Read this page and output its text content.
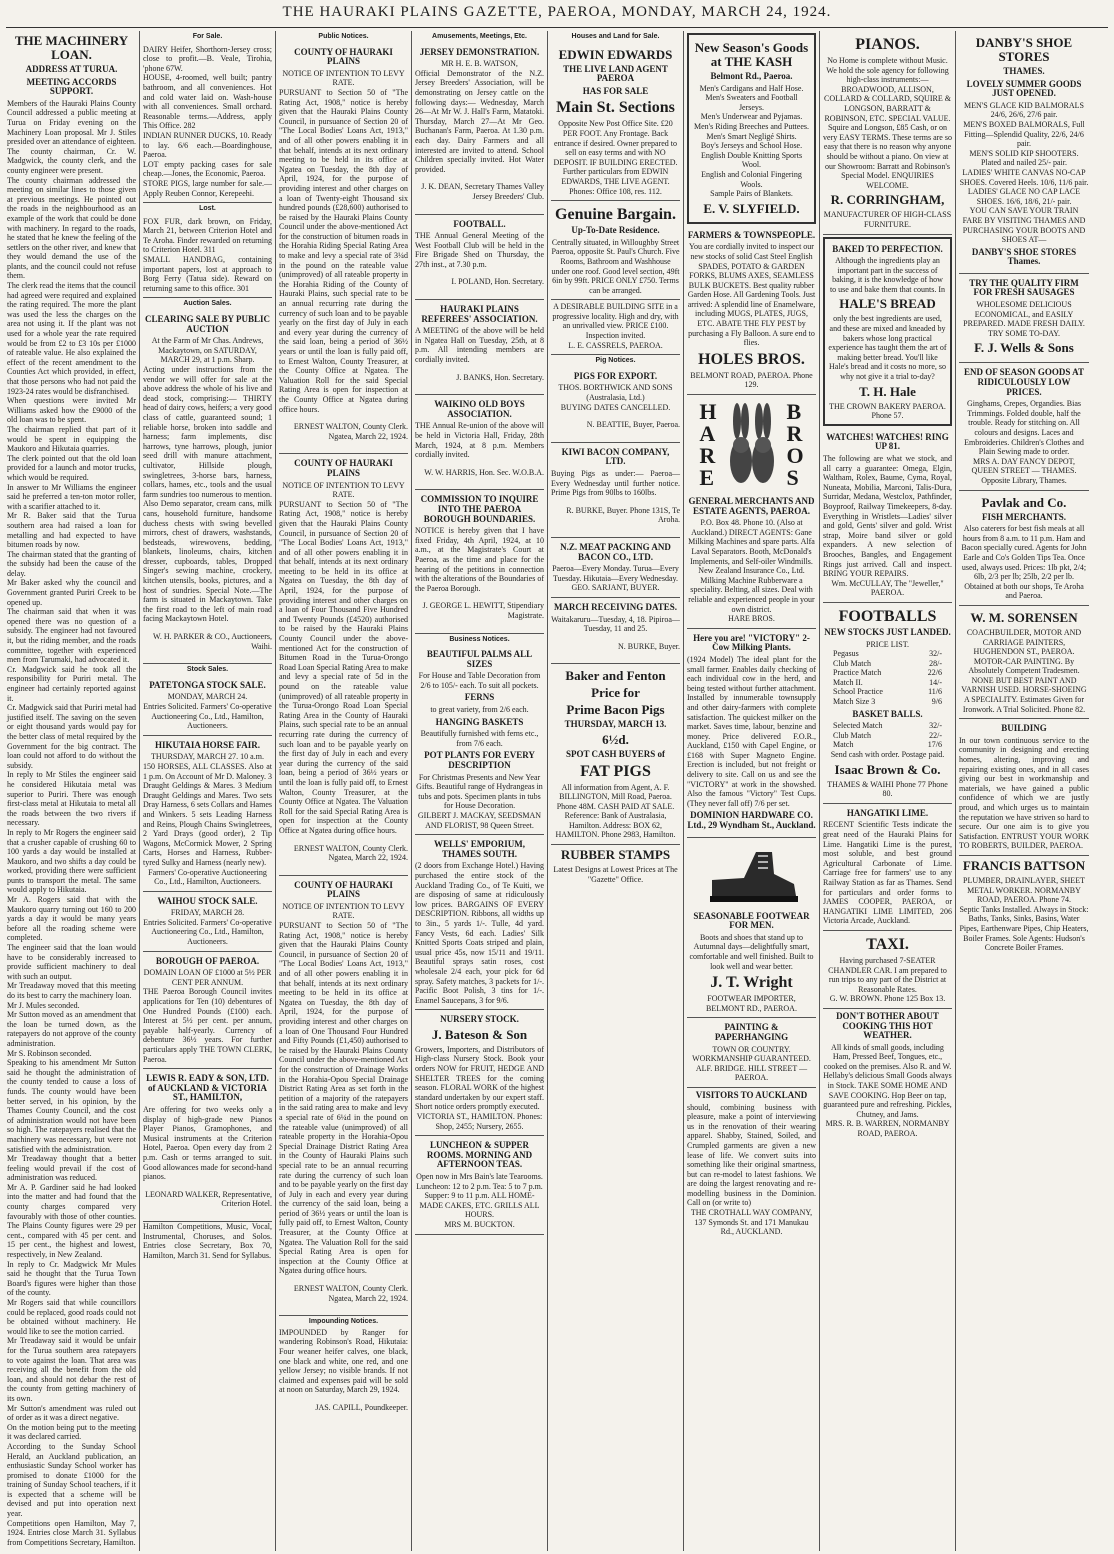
THE HAURAKI PLAINS GAZETTE, PAEROA, MONDAY, MARCH 24, 1924.
THE MACHINERY LOAN.
ADDRESS AT TURUA.
MEETING ACCORDS SUPPORT.

Members of the Hauraki Plains County Council addressed a public meeting at Turua on Friday evening on the Machinery Loan proposal. Mr J. Stiles presided over an attendance of eighteen. The county chairman, Cr. W. Madgwick, the county clerk, and the county engineer were present.

The county chairman addressed the meeting on similar lines to those given at previous meetings. He pointed out the roads in the neighbourhood as an example of the work that could be done with machinery. In regard to the roads, he stated that he knew the feeling of the settlers on the other river, and knew that they would demand the use of the plants, and the council could not refuse them.

The clerk read the items that the council had agreed were required and explained the rating required. The more the plant was used the less the charges on the area not using it. If the plant was not used for a whole year the rate required would be from £2 to £3 10s per £1000 of rateable value. He also explained the effect of the recent amendment to the Counties Act which provided, in effect, that those persons who had not paid the 1923-24 rates would be disfranchised.

When questions were invited Mr Williams asked how the £9000 of the old loan was to be spent.

The chairman replied that part of it would be spent in equipping the Maukoro and Hikutaia quarries.

The clerk pointed out that the old loan provided for a launch and motor trucks, which would be required.

In answer to Mr Williams the engineer said he preferred a ten-ton motor roller, with a scarifier attached to it.

Mr R. Baker said that the Turua southern area had raised a loan for metalling and had expected to have bitumen roads by now.

The chairman stated that the granting of the subsidy had been the cause of the delay.

Mr Baker asked why the council and Government granted Puriri Creek to be opened up.

The chairman said that when it was opened there was no question of a subsidy. The engineer had not favoured it, but the riding member, and the roads committee, together with experienced men from Tarumaki, had advocated it.

Cr. Madgwick said he took all the responsibility for Puriri metal. The engineer had certainly reported against it.

Cr. Madgwick said that Puriri metal had justified itself. The saving on the seven or eight thousand yards would pay for the better class of metal required by the Government for the big contract. The loan could not afford to do without the subsidy.

In reply to Mr Stiles the engineer said he considered Hikutaia metal was superior to Puriri. There was enough first-class metal at Hikutaia to metal all the roads between the two rivers if necessary.

In reply to Mr Rogers the engineer said that a crusher capable of crushing 60 to 100 yards a day would be installed at Maukoro, and two shifts a day could be worked, providing there were sufficient punts to transport the metal. The same would apply to Hikutaia.

Mr A. Rogers said that with the Maukoro quarry turning out 160 to 200 yards a day it would be many years before all the roading scheme were completed.

The engineer said that the loan would have to be considerably increased to provide sufficient machinery to deal with such an output.

Mr Treadaway moved that this meeting do its best to carry the machinery loan.

Mr J. Mules seconded.

Mr Sutton moved as an amendment that the loan be turned down, as the ratepayers do not approve of the county administration.

Mr S. Robinson seconded.

Speaking to his amendment Mr Sutton said he thought the administration of the county tended to cause a loss of funds. The county would have been better served, in his opinion, by the Thames County Council, and the cost of administration would not have been so high. The ratepayers realised that the machinery was necessary, but were not satisfied with the administration.

Mr Treadaway thought that a better feeling would prevail if the cost of administration was reduced.

Mr A. P. Gardiner said he had looked into the matter and had found that the county charges compared very favourably with those of other counties. The Plains County figures were 29 per cent., compared with 45 per cent. and 15 per cent., the highest and lowest, respectively, in New Zealand.

In reply to Cr. Madgwick Mr Mules said he thought that the Turua Town Board's figures were higher than those of the county.

Mr Rogers said that while councillors could be replaced, good roads could not be obtained without machinery. He would like to see the motion carried.

Mr Treadaway said it would be unfair for the Turua southern area ratepayers to vote against the loan. That area was receiving all the benefit from the old loan, and should not debar the rest of the county from getting machinery of its own.

Mr Sutton's amendment was ruled out of order as it was a direct negative.

On the motion being put to the meeting it was declared carried.

According to the Sunday School Herald, an Auckland publication, an enthusiastic Sunday School worker has promised to donate £1000 for the training of Sunday School teachers, if it is expected that a scheme will be devised and put into operation next year.

Competitions open Hamilton, May 7, 1924. Entries close March 31. Syllabus from Competitions Secretary, Hamilton.

For Sale.

DAIRY Heifer, Shorthorn-Jersey cross; close to profit.—B. Veale, Tirohia, 'phone 67W.

HOUSE, 4-roomed, well built; pantry bathroom, and all conveniences. Hot and cold water laid on. Wash-house with all conveniences. Small orchard. Reasonable terms.—Address, apply This Office. 282

INDIAN RUNNER DUCKS, 10. Ready to lay. 6/6 each.—Boardinghouse, Paeroa.

LOT empty packing cases for sale cheap.—Jones, the Economic, Paeroa.

STORE PIGS, large number for sale.—Apply Reuben Connor, Kerepeehi.

Lost.

FOX FUR, dark brown, on Friday, March 21, between Criterion Hotel and Te Aroha. Finder rewarded on returning to Criterion Hotel. 311

SMALL HANDBAG, containing important papers, lost at approach to Borg Ferry (Tatua side). Reward on returning same to this office. 301

Auction Sales.
CLEARING SALE BY PUBLIC AUCTION

At the Farm of Mr Chas. Andrews, Mackaytown, on SATURDAY, MARCH 29, at 1 p.m. Sharp.

Acting under instructions from the vendor we will offer for sale at the above address the whole of his live and dead stock, comprising:— THIRTY head of dairy cows, heifers; a very good class of cattle, guaranteed sound; 1 reliable horse, broken into saddle and harness; farm implements, disc harrows, tyne harrows, plough, junior seed drill with manure attachment, cultivator, Hillside plough, swingletrees, 3-horse bars, harness, collars, hames, etc., tools and the usual farm sundries too numerous to mention. Also Demo separator, cream cans, milk cans, household furniture, handsome duchess chests with swing bevelled mirrors, chest of drawers, washstands, bedsteads, wirewovens, bedding, blankets, linoleums, chairs, kitchen dresser, cupboards, tables, Dropped Singer's sewing machine, crockery, kitchen utensils, books, pictures, and a host of sundries. Special Note.—The farm is situated in Mackaytown. Take the first road to the left of main road facing Mackaytown Hotel.

W. H. PARKER & CO., Auctioneers, Waihi.

Stock Sales.
PATETONGA STOCK SALE.

MONDAY, MARCH 24.

Entries Solicited. Farmers' Co-operative Auctioneering Co., Ltd., Hamilton, Auctioneers.

HIKUTAIA HORSE FAIR.

THURSDAY, MARCH 27. 10 a.m.

150 HORSES, ALL CLASSES. Also at 1 p.m. On Account of Mr D. Maloney. 3 Draught Geldings & Mares. 3 Medium Draught Geldings and Mares. Two sets Dray Harness, 6 sets Collars and Hames and Winkers. 5 sets Leading Harness and Reins, Plough Chains Swingletrees, 2 Yard Drays (good order), 2 Tip Wagons, McCormick Mower, 2 Spring Carts, Horses and Harness, Rubber-tyred Sulky and Harness (nearly new).

Farmers' Co-operative Auctioneering Co., Ltd., Hamilton, Auctioneers.

WAIHOU STOCK SALE.

FRIDAY, MARCH 28.

Entries Solicited. Farmers' Co-operative Auctioneering Co., Ltd., Hamilton, Auctioneers.

BOROUGH OF PAEROA.

DOMAIN LOAN OF £1000 at 5½ PER CENT PER ANNUM.

THE Paeroa Borough Council invites applications for Ten (10) debentures of One Hundred Pounds (£100) each. Interest at 5½ per cent. per annum, payable half-yearly. Currency of debenture 36½ years. For further particulars apply THE TOWN CLERK, Paeroa.

LEWIS R. EADY & SON, LTD. of AUCKLAND & VICTORIA ST., HAMILTON,

Are offering for two weeks only a display of high-grade new Pianos Player Pianos, Gramophones, and Musical instruments at the Criterion Hotel, Paeroa. Open every day from 2 p.m. Cash or terms arranged to suit. Good allowances made for second-hand pianos.

LEONARD WALKER, Representative, Criterion Hotel.

Hamilton Competitions, Music, Vocal, Instrumental, Choruses, and Solos. Entries close Secretary, Box 70, Hamilton, March 31. Send for Syllabus.

Public Notices.
COUNTY OF HAURAKI PLAINS

NOTICE OF INTENTION TO LEVY RATE.

PURSUANT to Section 50 of "The Rating Act, 1908," notice is hereby given that the Hauraki Plains County Council, in pursuance of Section 20 of "The Local Bodies' Loans Act, 1913," and of all other powers enabling it in that behalf, intends at its next ordinary meeting to be held in its office at Ngatea on Tuesday, the 8th day of April, 1924, for the purpose of providing interest and other charges on a loan of Twenty-eight Thousand six hundred pounds (£28,600) authorised to be raised by the Hauraki Plains County Council under the above-mentioned Act for the construction of bitumen roads in the Horahia Riding Special Rating Area to make and levy a special rate of 3¼d in the pound on the rateable value (unimproved) of all rateable property in the Horahia Riding of the County of Hauraki Plains, such special rate to be an annual recurring rate during the currency of such loan and to be payable yearly on the first day of July in each and every year during the currency of the said loan, being a period of 36½ years or until the loan is fully paid off, to Ernest Walton, County Treasurer, at the County Office at Ngatea. The Valuation Roll for the said Special Rating Area is open for inspection at the County Office at Ngatea during office hours.

ERNEST WALTON, County Clerk. Ngatea, March 22, 1924.

COUNTY OF HAURAKI PLAINS

NOTICE OF INTENTION TO LEVY RATE.

PURSUANT to Section 50 of "The Rating Act, 1908," notice is hereby given that the Hauraki Plains County Council, in pursuance of Section 20 of "The Local Bodies' Loans Act, 1913," and of all other powers enabling it in that behalf, intends at its next ordinary meeting to be held in its office at Ngatea on Tuesday, the 8th day of April, 1924, for the purpose of providing interest and other charges on a loan of Four Thousand Five Hundred and Twenty Pounds (£4520) authorised to be raised by the Hauraki Plains County Council under the above-mentioned Act for the construction of Bitumen Road in the Turua-Orongo Road Loan Special Rating Area to make and levy a special rate of 5d in the pound on the rateable value (unimproved) of all rateable property in the Turua-Orongo Road Loan Special Rating Area in the County of Hauraki Plains, such special rate to be an annual recurring rate during the currency of such loan and to be payable yearly on the first day of July in each and every year during the currency of the said loan, being a period of 36½ years or until the loan is fully paid off, to Ernest Walton, County Treasurer, at the County Office at Ngatea. The Valuation Roll for the said Special Rating Area is open for inspection at the County Office at Ngatea during office hours.

ERNEST WALTON, County Clerk. Ngatea, March 22, 1924.

COUNTY OF HAURAKI PLAINS

NOTICE OF INTENTION TO LEVY RATE.

PURSUANT to Section 50 of "The Rating Act, 1908," notice is hereby given that the Hauraki Plains County Council, in pursuance of Section 20 of "The Local Bodies' Loans Act, 1913," and of all other powers enabling it in that behalf, intends at its next ordinary meeting to be held in its office at Ngatea on Tuesday, the 8th day of April, 1924, for the purpose of providing interest and other charges on a loan of One Thousand Four Hundred and Fifty Pounds (£1,450) authorised to be raised by the Hauraki Plains County Council under the above-mentioned Act for the construction of Drainage Works in the Horahia-Opou Special Drainage District Rating Area as set forth in the petition of a majority of the ratepayers in the said rating area to make and levy a special rate of 6¼d in the pound on the rateable value (unimproved) of all rateable property in the Horahia-Opou Special Drainage District Rating Area in the County of Hauraki Plains such special rate to be an annual recurring rate during the currency of such loan and to be payable yearly on the first day of July in each and every year during the currency of the said loan, being a period of 36½ years or until the loan is fully paid off, to Ernest Walton, County Treasurer, at the County Office at Ngatea. The Valuation Roll for the said Special Rating Area is open for inspection at the County Office at Ngatea during office hours.

ERNEST WALTON, County Clerk. Ngatea, March 22, 1924.

Impounding Notices.

IMPOUNDED by Ranger for wandering Robinson's Road, Hikutaia: Four weaner heifer calves, one black, one black and white, one red, and one yellow Jersey; no visible brands. If not claimed and expenses paid will be sold at noon on Saturday, March 29, 1924.

JAS. CAPILL, Poundkeeper.

Amusements, Meetings, Etc.
JERSEY DEMONSTRATION.

MR H. E. B. WATSON,

Official Demonstrator of the N.Z. Jersey Breeders' Association, will be demonstrating on Jersey cattle on the following days:— Wednesday, March 26—At Mr W. J. Hall's Farm, Matatoki. Thursday, March 27—At Mr Geo. Buchanan's Farm, Paeroa. At 1.30 p.m. each day. Dairy Farmers and all interested are invited to attend. School Children specially invited. Hot Water provided.

J. K. DEAN, Secretary Thames Valley Jersey Breeders' Club.

FOOTBALL.

THE Annual General Meeting of the West Football Club will be held in the Fire Brigade Shed on Thursday, the 27th inst., at 7.30 p.m.

I. POLAND, Hon. Secretary.

HAURAKI PLAINS REFEREES' ASSOCIATION.

A MEETING of the above will be held in Ngatea Hall on Tuesday, 25th, at 8 p.m. All intending members are cordially invited.

J. BANKS, Hon. Secretary.

WAIKINO OLD BOYS ASSOCIATION.

THE Annual Re-union of the above will be held in Victoria Hall, Friday, 28th March, 1924, at 8 p.m. Members cordially invited.

W. W. HARRIS, Hon. Sec. W.O.B.A.

COMMISSION TO INQUIRE INTO THE PAEROA BOROUGH BOUNDARIES.

NOTICE is hereby given that I have fixed Friday, 4th April, 1924, at 10 a.m., at the Magistrate's Court at Paeroa, as the time and place for the hearing of the petitions in connection with the alterations of the Boundaries of the Paeroa Borough.

J. GEORGE L. HEWITT, Stipendiary Magistrate.

Business Notices.
BEAUTIFUL PALMS ALL SIZES

For House and Table Decoration from 2/6 to 105/- each. To suit all pockets.

FERNS

to great variety, from 2/6 each.

HANGING BASKETS

Beautifully furnished with ferns etc., from 7/6 each.

POT PLANTS FOR EVERY DESCRIPTION

For Christmas Presents and New Year Gifts. Beautiful range of Hydrangeas in tubs and pots. Specimen plants in tubs for House Decoration.

GILBERT J. MACKAY, SEEDSMAN AND FLORIST, 98 Queen Street.

WELLS' EMPORIUM, THAMES SOUTH.

(2 doors from Exchange Hotel.) Having purchased the entire stock of the Auckland Trading Co., of Te Kuiti, we are disposing of same at ridiculously low prices. BARGAINS OF EVERY DESCRIPTION. Ribbons, all widths up to 3in., 5 yards 1/-. Tulle, 4d yard. Fancy Vests, 6d each. Ladies' Silk Knitted Sports Coats striped and plain, usual price 45s, now 15/11 and 19/11. Beautiful sprays satin roses, cost wholesale 2/4 each, your pick for 6d spray. Safety matches, 3 packets for 1/-. Pacific Boot Polish, 3 tins for 1/-. Enamel Saucepans, 3 for 9/6.

NURSERY STOCK.
J. Bateson & Son

Growers, Importers, and Distributors of High-class Nursery Stock. Book your orders NOW for FRUIT, HEDGE AND SHELTER TREES for the coming season. FLORAL WORK of the highest standard undertaken by our expert staff. Short notice orders promptly executed.

VICTORIA ST., HAMILTON. Phones: Shop, 2455; Nursery, 2655.

LUNCHEON & SUPPER ROOMS. MORNING AND AFTERNOON TEAS.

Open now in Mrs Bain's late Tearooms. Luncheon: 12 to 2 p.m. Tea: 5 to 7 p.m. Supper: 9 to 11 p.m. ALL HOME-MADE CAKES, ETC. GRILLS ALL HOURS.

MRS M. BUCKTON.

Houses and Land for Sale.
EDWIN EDWARDS
THE LIVE LAND AGENT PAEROA
HAS FOR SALE
Main St. Sections

Opposite New Post Office Site. £20 PER FOOT. Any Frontage. Back entrance if desired. Owner prepared to sell on easy terms and with NO DEPOSIT. IF BUILDING ERECTED. Further particulars from EDWIN EDWARDS, THE LIVE AGENT. Phones: Office 108, res. 112.

Genuine Bargain.
Up-To-Date Residence.

Centrally situated, in Willoughby Street Paeroa, opposite St. Paul's Church. Five Rooms, Bathroom and Washhouse under one roof. Good level section, 49ft 6in by 99ft. PRICE ONLY £750. Terms can be arranged.

A DESIRABLE BUILDING SITE in a progressive locality. High and dry, with an unrivalled view. PRICE £100. Inspection invited.

L. E. CASSRELS, PAEROA.

Pig Notices.
PIGS FOR EXPORT.

THOS. BORTHWICK AND SONS (Australasia, Ltd.)

BUYING DATES CANCELLED.

N. BEATTIE, Buyer, Paeroa.

KIWI BACON COMPANY, LTD.

Buying Pigs as under:— Paeroa—Every Wednesday until further notice. Prime Pigs from 90lbs to 160lbs.

R. BURKE, Buyer. Phone 131S, Te Aroha.

N.Z. MEAT PACKING AND BACON CO., LTD.

Paeroa—Every Monday. Turua—Every Tuesday. Hikutaia—Every Wednesday.

GEO. SARJANT, BUYER.

MARCH RECEIVING DATES.

Waitakaruru—Tuesday, 4, 18. Pipiroa—Tuesday, 11 and 25.

N. BURKE, Buyer.

Baker and Fenton
Price for
Prime Bacon Pigs
THURSDAY, MARCH 13.
6½d.
SPOT CASH BUYERS of
FAT PIGS

All information from Agent, A. F. BILLINGTON, Mill Road, Paeroa. Phone 48M. CASH PAID AT SALE. Reference: Bank of Australasia, Hamilton. Address: BOX 62, HAMILTON. Phone 2983, Hamilton.

RUBBER STAMPS

Latest Designs at Lowest Prices at The "Gazette" Office.

New Season's Goods at THE KASH
Belmont Rd., Paeroa.

Men's Cardigans and Half Hose.

Men's Sweaters and Football Jerseys.

Men's Underwear and Pyjamas.

Men's Riding Breeches and Puttees.

Men's Smart Negligé Shirts.

Boy's Jerseys and School Hose.

English Double Knitting Sports Wool.

English and Colonial Fingering Wools.

Sample Pairs of Blankets.

E. V. SLYFIELD.
FARMERS & TOWNSPEOPLE.

You are cordially invited to inspect our new stocks of solid Cast Steel English SPADES, POTATO & GARDEN FORKS, BLUMS AXES, SEAMLESS BULK BUCKETS. Best quality rubber Garden Hose. All Gardening Tools. Just arrived: A splendid line of Enamelware, including MUGS, PLATES, JUGS, ETC. ABATE THE FLY PEST by purchasing a Fly Balloon. A sure end to flies.

HOLES BROS.

BELMONT ROAD, PAEROA. Phone 129.

H

A

R

E

B

R

O

S

GENERAL MERCHANTS AND ESTATE AGENTS, PAEROA.

P.O. Box 48. Phone 10. (Also at Auckland.) DIRECT AGENTS: Gane Milking Machines and spare parts. Alfa Laval Separators. Booth, McDonald's Implements, and Self-oiler Windmills. New Zealand Insurance Co., Ltd. Milking Machine Rubberware a speciality. Belting, all sizes. Deal with reliable and experienced people in your own district.

HARE BROS.

Here you are! "VICTORY" 2-Cow Milking Plants.

(1924 Model) The ideal plant for the small farmer. Enables daily checking of each individual cow in the herd, and being tested without further attachment. Installed by innumerable townsupply and other dairy-farmers with complete satisfaction. The quickest milker on the market. Saves time, labour, benzine and money. Price delivered F.O.R., Auckland, £150 with Capel Engine, or £168 with Super Magneto Engine. Erection is included, but not freight or delivery to site. Call on us and see the "VICTORY" at work in the showshed. Also the famous "Victory" Test Cups. (They never fall off) 7/6 per set.

DOMINION HARDWARE CO. Ltd., 29 Wyndham St., Auckland.
SEASONABLE FOOTWEAR FOR MEN.

Boots and shoes that stand up to Autumnal days—delightfully smart, comfortable and well finished. Built to look well and wear better.

J. T. Wright

FOOTWEAR IMPORTER, BELMONT RD., PAEROA.

PAINTING & PAPERHANGING

TOWN OR COUNTRY. WORKMANSHIP GUARANTEED.

ALF. BRIDGE. HILL STREET — PAEROA.

VISITORS TO AUCKLAND

should, combining business with pleasure, make a point of interviewing us in the renovation of their wearing apparel. Shabby, Stained, Soiled, and Crumpled garments are given a new lease of life. We convert suits into something like their original smartness, but can re-model to latest fashions. We are doing the largest renovating and re-modelling business in the Dominion. Call on (or write to)

THE CROTHALL WAY COMPANY, 137 Symonds St. and 171 Manukau Rd., AUCKLAND.

PIANOS.

No Home is complete without Music.

We hold the sole agency for following high-class instruments:— BROADWOOD, ALLISON, COLLARD & COLLARD, SQUIRE & LONGSON, BARRATT & ROBINSON, ETC. SPECIAL VALUE. Squire and Longson, £85 Cash, or on very EASY TERMS. These terms are so easy that there is no reason why anyone should be without a piano. On view at our Showroom: Barratt and Robinson's Special Model. ENQUIRIES WELCOME.

R. CORRINGHAM,

MANUFACTURER OF HIGH-CLASS FURNITURE.

BAKED TO PERFECTION.

Although the ingredients play an important part in the success of baking, it is the knowledge of how to use and bake them that counts. In

HALE'S BREAD

only the best ingredients are used, and these are mixed and kneaded by bakers whose long practical experience has taught them the art of making better bread. You'll like Hale's bread and it costs no more, so why not give it a trial to-day?

T. H. Hale

THE CROWN BAKERY PAEROA. Phone 57.

WATCHES! WATCHES! RING UP 81.

The following are what we stock, and all carry a guarantee: Omega, Elgin, Waltham, Rolex, Baume, Cyma, Royal, Nuneata, Mobilia, Marconi, Talis-Dura, Surridar, Medana, Westclox, Pathfinder, Boyproof, Railway Timekeepers, 8-day. Everything in Wristlets—Ladies' silver and gold, Gents' silver and gold. Wrist strap, Moire band silver or gold expanders. A new selection of Brooches, Bangles, and Engagement Rings just arrived. Call and inspect. BRING YOUR REPAIRS.

Wm. McCULLAY, The "Jeweller," PAEROA.

FOOTBALLS
NEW STOCKS JUST LANDED.

PRICE LIST.

Pegasus	32/-
Club Match	28/-
Practice Match	22/6
Match II.	14/-
School Practice	11/6
Match Size 3	9/6
BASKET BALLS.
Selected Match	32/-
Club Match	22/-
Match	17/6

Send cash with order. Postage paid.

Isaac Brown & Co.

THAMES & WAIHI Phone 77 Phone 80.

HANGATIKI LIME.

RECENT Scientific Tests indicate the great need of the Hauraki Plains for Lime. Hangatiki Lime is the purest, most soluble, and best ground Agricultural Carbonate of Lime. Carriage free for farmers' use to any Railway Station as far as Thames. Send for particulars and order forms to JAMES COOPER, PAEROA, or HANGATIKI LIME LIMITED, 206 Victoria Arcade, Auckland.

TAXI.

Having purchased 7-SEATER CHANDLER CAR. I am prepared to run trips to any part of the District at Reasonable Rates.

G. W. BROWN. Phone 125 Box 13.

DON'T BOTHER ABOUT COOKING THIS HOT WEATHER.

All kinds of small goods, including Ham, Pressed Beef, Tongues, etc., cooked on the premises. Also R. and W. Hellaby's delicious Small Goods always in Stock. TAKE SOME HOME AND SAVE COOKING. Hop Beer on tap, guaranteed pure and refreshing. Pickles, Chutney, and Jams.

MRS. R. B. WARREN, NORMANBY ROAD, PAEROA.

DANBY'S SHOE STORES
THAMES.
LOVELY SUMMER GOODS JUST OPENED.

MEN'S GLACE KID BALMORALS 24/6, 26/6, 27/6 pair.

MEN'S BOXED BALMORALS, Full Fitting—Splendid Quality, 22/6, 24/6 pair.

MEN'S SOLID KIP SHOOTERS. Plated and nailed 25/- pair.

LADIES' WHITE CANVAS NO-CAP SHOES. Covered Heels. 10/6, 11/6 pair.

LADIES' GLACE NO CAP LACE SHOES. 16/6, 18/6, 21/- pair.

YOU CAN SAVE YOUR TRAIN FARE BY VISITING THAMES AND PURCHASING YOUR BOOTS AND SHOES AT—

DANBY'S SHOE STORES Thames.
TRY THE QUALITY FIRM FOR FRESH SAUSAGES

WHOLESOME DELICIOUS ECONOMICAL, and EASILY PREPARED. MADE FRESH DAILY. TRY SOME TO-DAY.

F. J. Wells & Sons
END OF SEASON GOODS AT RIDICULOUSLY LOW PRICES.

Ginghams, Crepes, Organdies. Bias Trimmings. Folded double, half the trouble. Ready for stitching on. All colours and designs. Laces and Embroideries. Children's Clothes and Plain Sewing made to order.

MRS A. DAY FANCY DEPOT, QUEEN STREET — THAMES. Opposite Library, Thames.

Pavlak and Co.
FISH MERCHANTS.

Also caterers for best fish meals at all hours from 8 a.m. to 11 p.m. Ham and Bacon specially cured. Agents for John Earle and Co's Golden Tips Tea. Once used, always used. Prices: 1lb pkt, 2/4; 6lb, 2/3 per lb; 25lb, 2/2 per lb. Obtained at both our shops, Te Aroha and Paeroa.

W. M. SORENSEN

COACHBUILDER, MOTOR AND CARRIAGE PAINTERS, HUGHENDON ST., PAEROA.

MOTOR-CAR PAINTING. By Absolutely Competent Tradesmen. NONE BUT BEST PAINT AND VARNISH USED. HORSE-SHOEING A SPECIALITY. Estimates Given for Ironwork. A Trial Solicited. Phone 82.

BUILDING

In our town continuous service to the community in designing and erecting homes, altering, improving and repairing existing ones, and in all cases giving our best in workmanship and materials, we have gained a public confidence of which we are justly proud, and which urges us to maintain the reputation we have striven so hard to secure. Our one aim is to give you Satisfaction. ENTRUST YOUR WORK TO ROBERTS, BUILDER, PAEROA.

FRANCIS BATTSON

PLUMBER, DRAINLAYER, SHEET METAL WORKER. NORMANBY ROAD, PAEROA. Phone 74.

Septic Tanks Installed. Always in Stock: Baths, Tanks, Sinks, Basins, Water Pipes, Earthenware Pipes, Chip Heaters, Boiler Frames. Sole Agents: Hudson's Concrete Boiler Frames.
